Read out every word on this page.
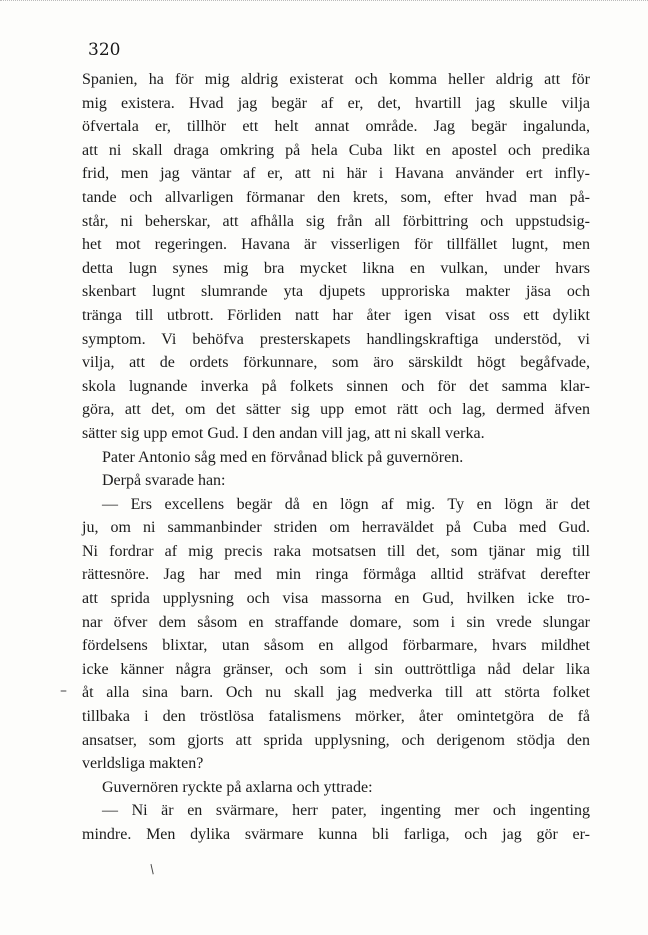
320
Spanien, ha för mig aldrig existerat och komma heller aldrig att för
mig existera. Hvad jag begär af er, det, hvartill jag skulle vilja
öfvertala er, tillhör ett helt annat område. Jag begär ingalunda,
att ni skall draga omkring på hela Cuba likt en apostel och predika
frid, men jag väntar af er, att ni här i Havana använder ert infly-
tande och allvarligen förmanar den krets, som, efter hvad man på-
står, ni beherskar, att afhålla sig från all förbittring och uppstudsig-
het mot regeringen. Havana är visserligen för tillfället lugnt, men
detta lugn synes mig bra mycket likna en vulkan, under hvars
skenbart lugnt slumrande yta djupets upproriska makter jäsa och
tränga till utbrott. Förliden natt har åter igen visat oss ett dylikt
symptom. Vi behöfva presterskapets handlingskraftiga understöd, vi
vilja, att de ordets förkunnare, som äro särskildt högt begåfvade,
skola lugnande inverka på folkets sinnen och för det samma klar-
göra, att det, om det sätter sig upp emot rätt och lag, dermed äfven
sätter sig upp emot Gud. I den andan vill jag, att ni skall verka.
Pater Antonio såg med en förvånad blick på guvernören.
Derpå svarade han:
— Ers excellens begär då en lögn af mig. Ty en lögn är det
ju, om ni sammanbinder striden om herraväldet på Cuba med Gud.
Ni fordrar af mig precis raka motsatsen till det, som tjänar mig till
rättesnöre. Jag har med min ringa förmåga alltid sträfvat derefter
att sprida upplysning och visa massorna en Gud, hvilken icke tro-
nar öfver dem såsom en straffande domare, som i sin vrede slungar
fördelsens blixtar, utan såsom en allgod förbarmare, hvars mildhet
icke känner några gränser, och som i sin outtröttliga nåd delar lika
åt alla sina barn. Och nu skall jag medverka till att störta folket
tillbaka i den tröstlösa fatalismens mörker, åter omintetgöra de få
ansatser, som gjorts att sprida upplysning, och derigenom stödja den
verldsliga makten?
Guvernören ryckte på axlarna och yttrade:
— Ni är en svärmare, herr pater, ingenting mer och ingenting
mindre. Men dylika svärmare kunna bli farliga, och jag gör er-
–
/
